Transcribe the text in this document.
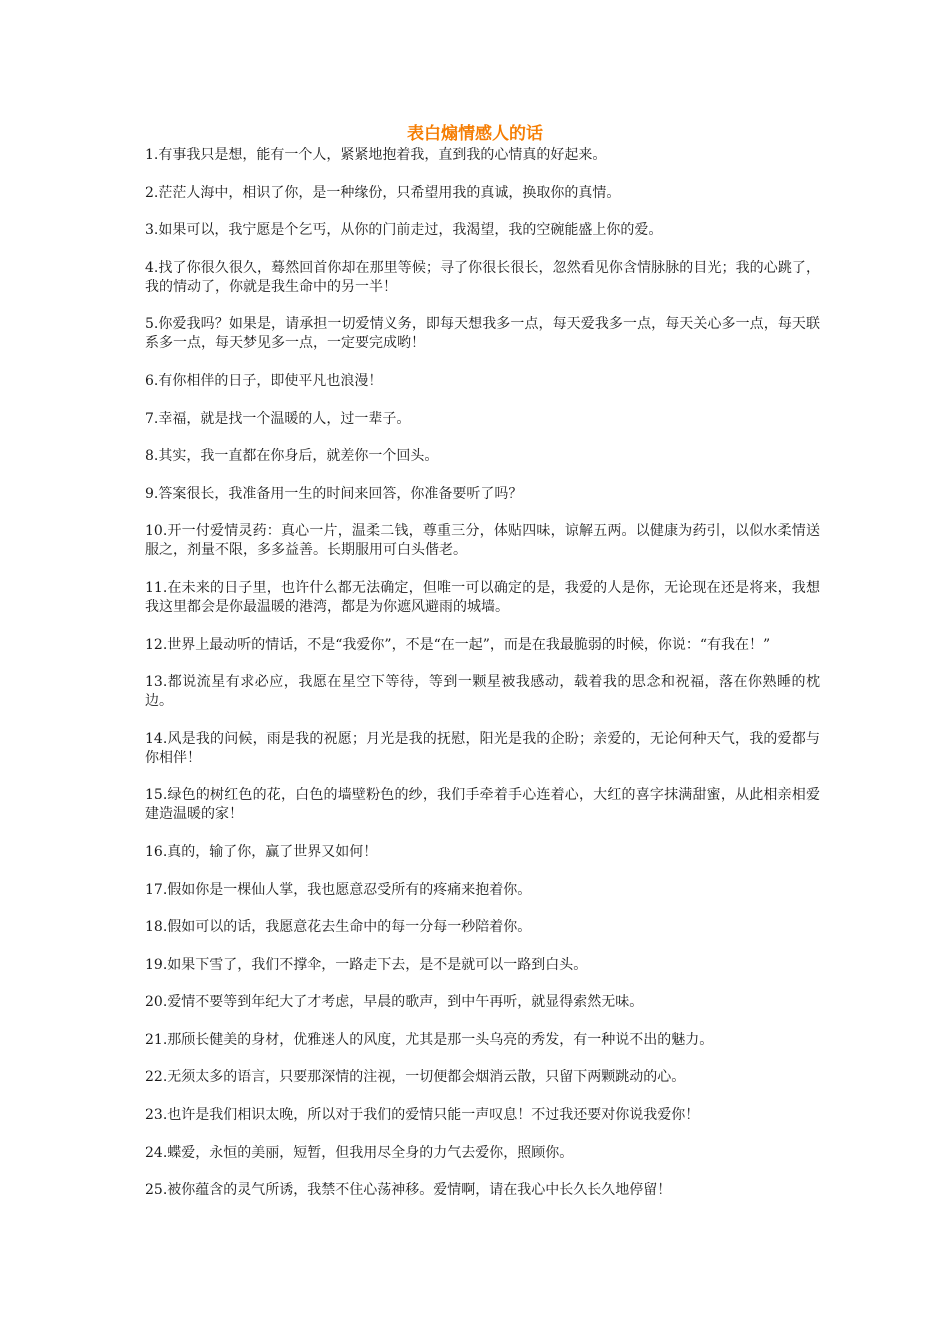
表白煽情感人的话
1.有事我只是想，能有一个人，紧紧地抱着我，直到我的心情真的好起来。
2.茫茫人海中，相识了你，是一种缘份，只希望用我的真诚，换取你的真情。
3.如果可以，我宁愿是个乞丐，从你的门前走过，我渴望，我的空碗能盛上你的爱。
4.找了你很久很久，蓦然回首你却在那里等候；寻了你很长很长，忽然看见你含情脉脉的目光；我的心跳了，我的情动了，你就是我生命中的另一半！
5.你爱我吗？如果是，请承担一切爱情义务，即每天想我多一点，每天爱我多一点，每天关心多一点，每天联系多一点，每天梦见多一点，一定要完成哟！
6.有你相伴的日子，即使平凡也浪漫！
7.幸福，就是找一个温暖的人，过一辈子。
8.其实，我一直都在你身后，就差你一个回头。
9.答案很长，我准备用一生的时间来回答，你准备要听了吗？
10.开一付爱情灵药：真心一片，温柔二钱，尊重三分，体贴四味，谅解五两。以健康为药引，以似水柔情送服之，剂量不限，多多益善。长期服用可白头偕老。
11.在未来的日子里，也许什么都无法确定，但唯一可以确定的是，我爱的人是你，无论现在还是将来，我想我这里都会是你最温暖的港湾，都是为你遮风避雨的城墙。
12.世界上最动听的情话，不是“我爱你”，不是“在一起”，而是在我最脆弱的时候，你说：“有我在！”
13.都说流星有求必应，我愿在星空下等待，等到一颗星被我感动，载着我的思念和祝福，落在你熟睡的枕边。
14.风是我的问候，雨是我的祝愿；月光是我的抚慰，阳光是我的企盼；亲爱的，无论何种天气，我的爱都与你相伴！
15.绿色的树红色的花，白色的墙壁粉色的纱，我们手牵着手心连着心，大红的喜字抹满甜蜜，从此相亲相爱建造温暖的家！
16.真的，输了你，赢了世界又如何！
17.假如你是一棵仙人掌，我也愿意忍受所有的疼痛来抱着你。
18.假如可以的话，我愿意花去生命中的每一分每一秒陪着你。
19.如果下雪了，我们不撑伞，一路走下去，是不是就可以一路到白头。
20.爱情不要等到年纪大了才考虑，早晨的歌声，到中午再听，就显得索然无味。
21.那颀长健美的身材，优雅迷人的风度，尤其是那一头乌亮的秀发，有一种说不出的魅力。
22.无须太多的语言，只要那深情的注视，一切便都会烟消云散，只留下两颗跳动的心。
23.也许是我们相识太晚，所以对于我们的爱情只能一声叹息！不过我还要对你说我爱你！
24.蝶爱，永恒的美丽，短暂，但我用尽全身的力气去爱你，照顾你。
25.被你蕴含的灵气所诱，我禁不住心荡神移。爱情啊，请在我心中长久长久地停留！
